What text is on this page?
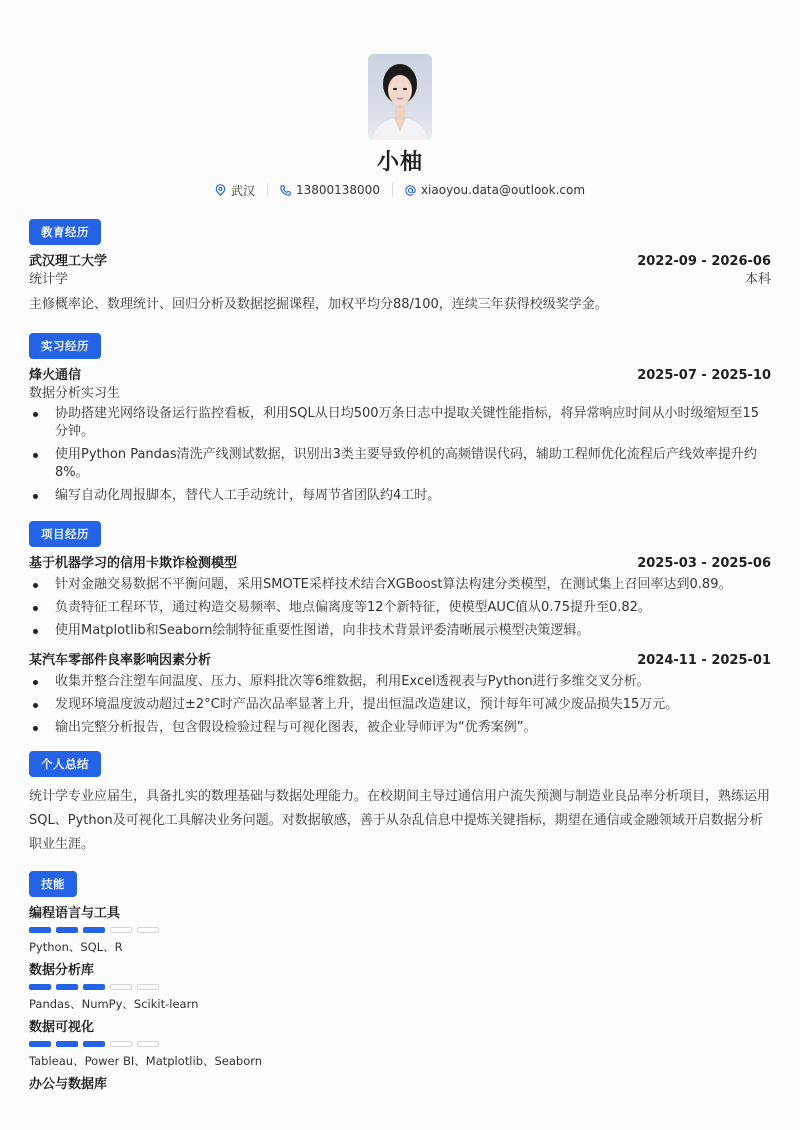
小柚
武汉	13800138000	xiaoyou.data@outlook.com
教育经历
武汉理工大学	2022-09 - 2026-06
统计学	本科
主修概率论、数理统计、回归分析及数据挖掘课程，加权平均分88/100，连续三年获得校级奖学金。
实习经历
烽火通信	2025-07 - 2025-10
数据分析实习生
协助搭建光网络设备运行监控看板，利用SQL从日均500万条日志中提取关键性能指标，将异常响应时间从小时级缩短至15分钟。
使用Python Pandas清洗产线测试数据，识别出3类主要导致停机的高频错误代码，辅助工程师优化流程后产线效率提升约8%。
编写自动化周报脚本，替代人工手动统计，每周节省团队约4工时。
项目经历
基于机器学习的信用卡欺诈检测模型	2025-03 - 2025-06
针对金融交易数据不平衡问题，采用SMOTE采样技术结合XGBoost算法构建分类模型，在测试集上召回率达到0.89。
负责特征工程环节，通过构造交易频率、地点偏离度等12个新特征，使模型AUC值从0.75提升至0.82。
使用Matplotlib和Seaborn绘制特征重要性图谱，向非技术背景评委清晰展示模型决策逻辑。
某汽车零部件良率影响因素分析	2024-11 - 2025-01
收集并整合注塑车间温度、压力、原料批次等6维数据，利用Excel透视表与Python进行多维交叉分析。
发现环境温度波动超过±2°C时产品次品率显著上升，提出恒温改造建议，预计每年可减少废品损失15万元。
输出完整分析报告，包含假设检验过程与可视化图表，被企业导师评为“优秀案例”。
个人总结
统计学专业应届生，具备扎实的数理基础与数据处理能力。在校期间主导过通信用户流失预测与制造业良品率分析项目，熟练运用SQL、Python及可视化工具解决业务问题。对数据敏感，善于从杂乱信息中提炼关键指标，期望在通信或金融领域开启数据分析职业生涯。
技能
编程语言与工具
Python、SQL、R
数据分析库
Pandas、NumPy、Scikit-learn
数据可视化
Tableau、Power BI、Matplotlib、Seaborn
办公与数据库
